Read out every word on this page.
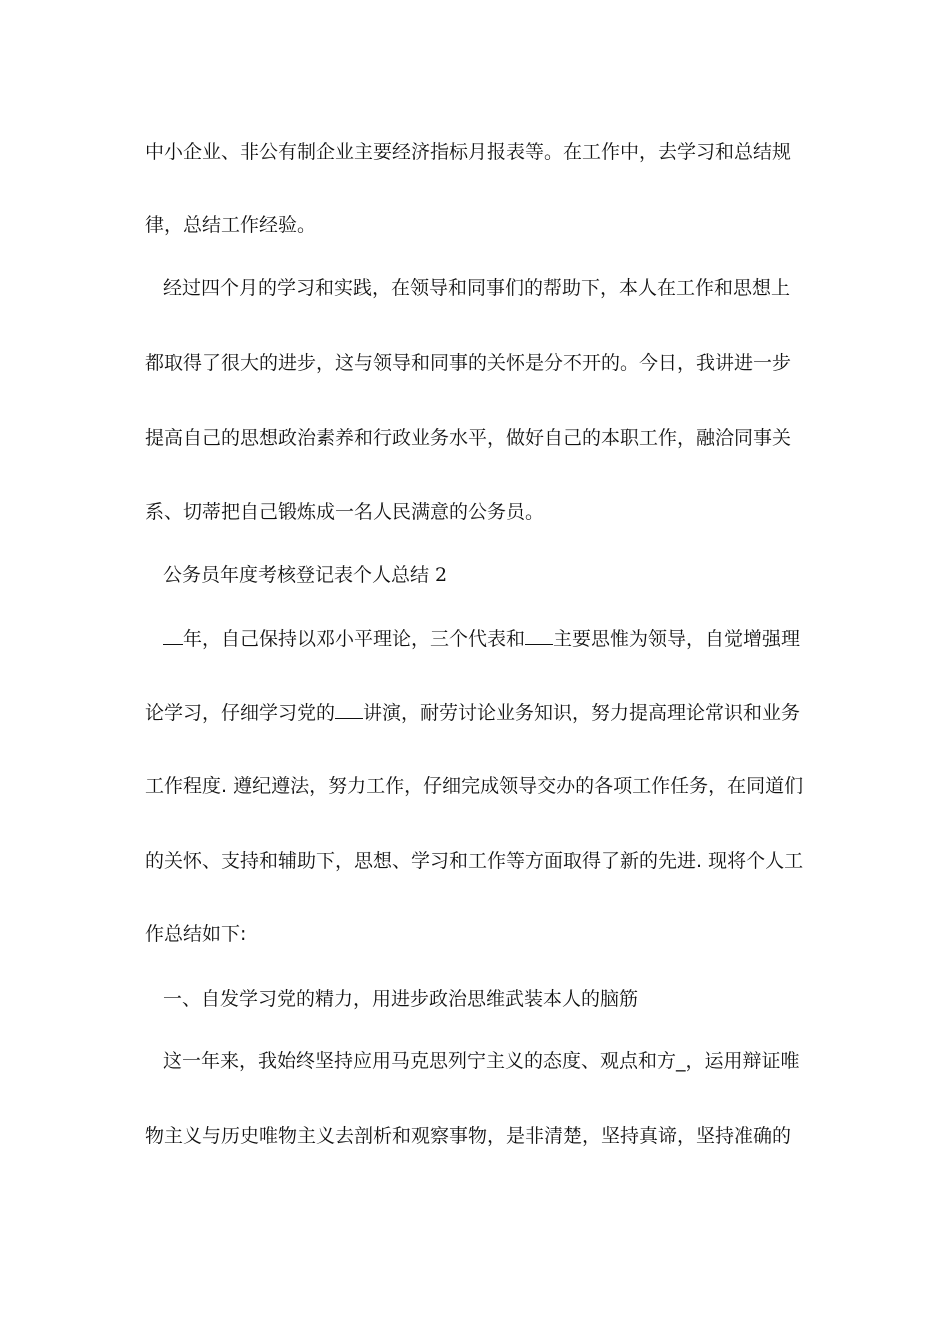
中小企业、非公有制企业主要经济指标月报表等。在工作中，去学习和总结规
律，总结工作经验。
经过四个月的学习和实践，在领导和同事们的帮助下，本人在工作和思想上
都取得了很大的进步，这与领导和同事的关怀是分不开的。今日，我讲进一步
提高自己的思想政治素养和行政业务水平，做好自己的本职工作，融洽同事关
系、切蒂把自己锻炼成一名人民满意的公务员。
公务员年度考核登记表个人总结 2
年，自己保持以邓小平理论，三个代表和 主要思惟为领导，自觉增强理
论学习，仔细学习党的 讲演，耐劳讨论业务知识，努力提高理论常识和业务
工作程度. 遵纪遵法，努力工作，仔细完成领导交办的各项工作任务，在同道们
的关怀、支持和辅助下，思想、学习和工作等方面取得了新的先进. 现将个人工
作总结如下:
一、自发学习党的精力，用进步政治思维武装本人的脑筋
这一年来，我始终坚持应用马克思列宁主义的态度、观点和方_，运用辩证唯
物主义与历史唯物主义去剖析和观察事物，是非清楚，坚持真谛，坚持准确的
